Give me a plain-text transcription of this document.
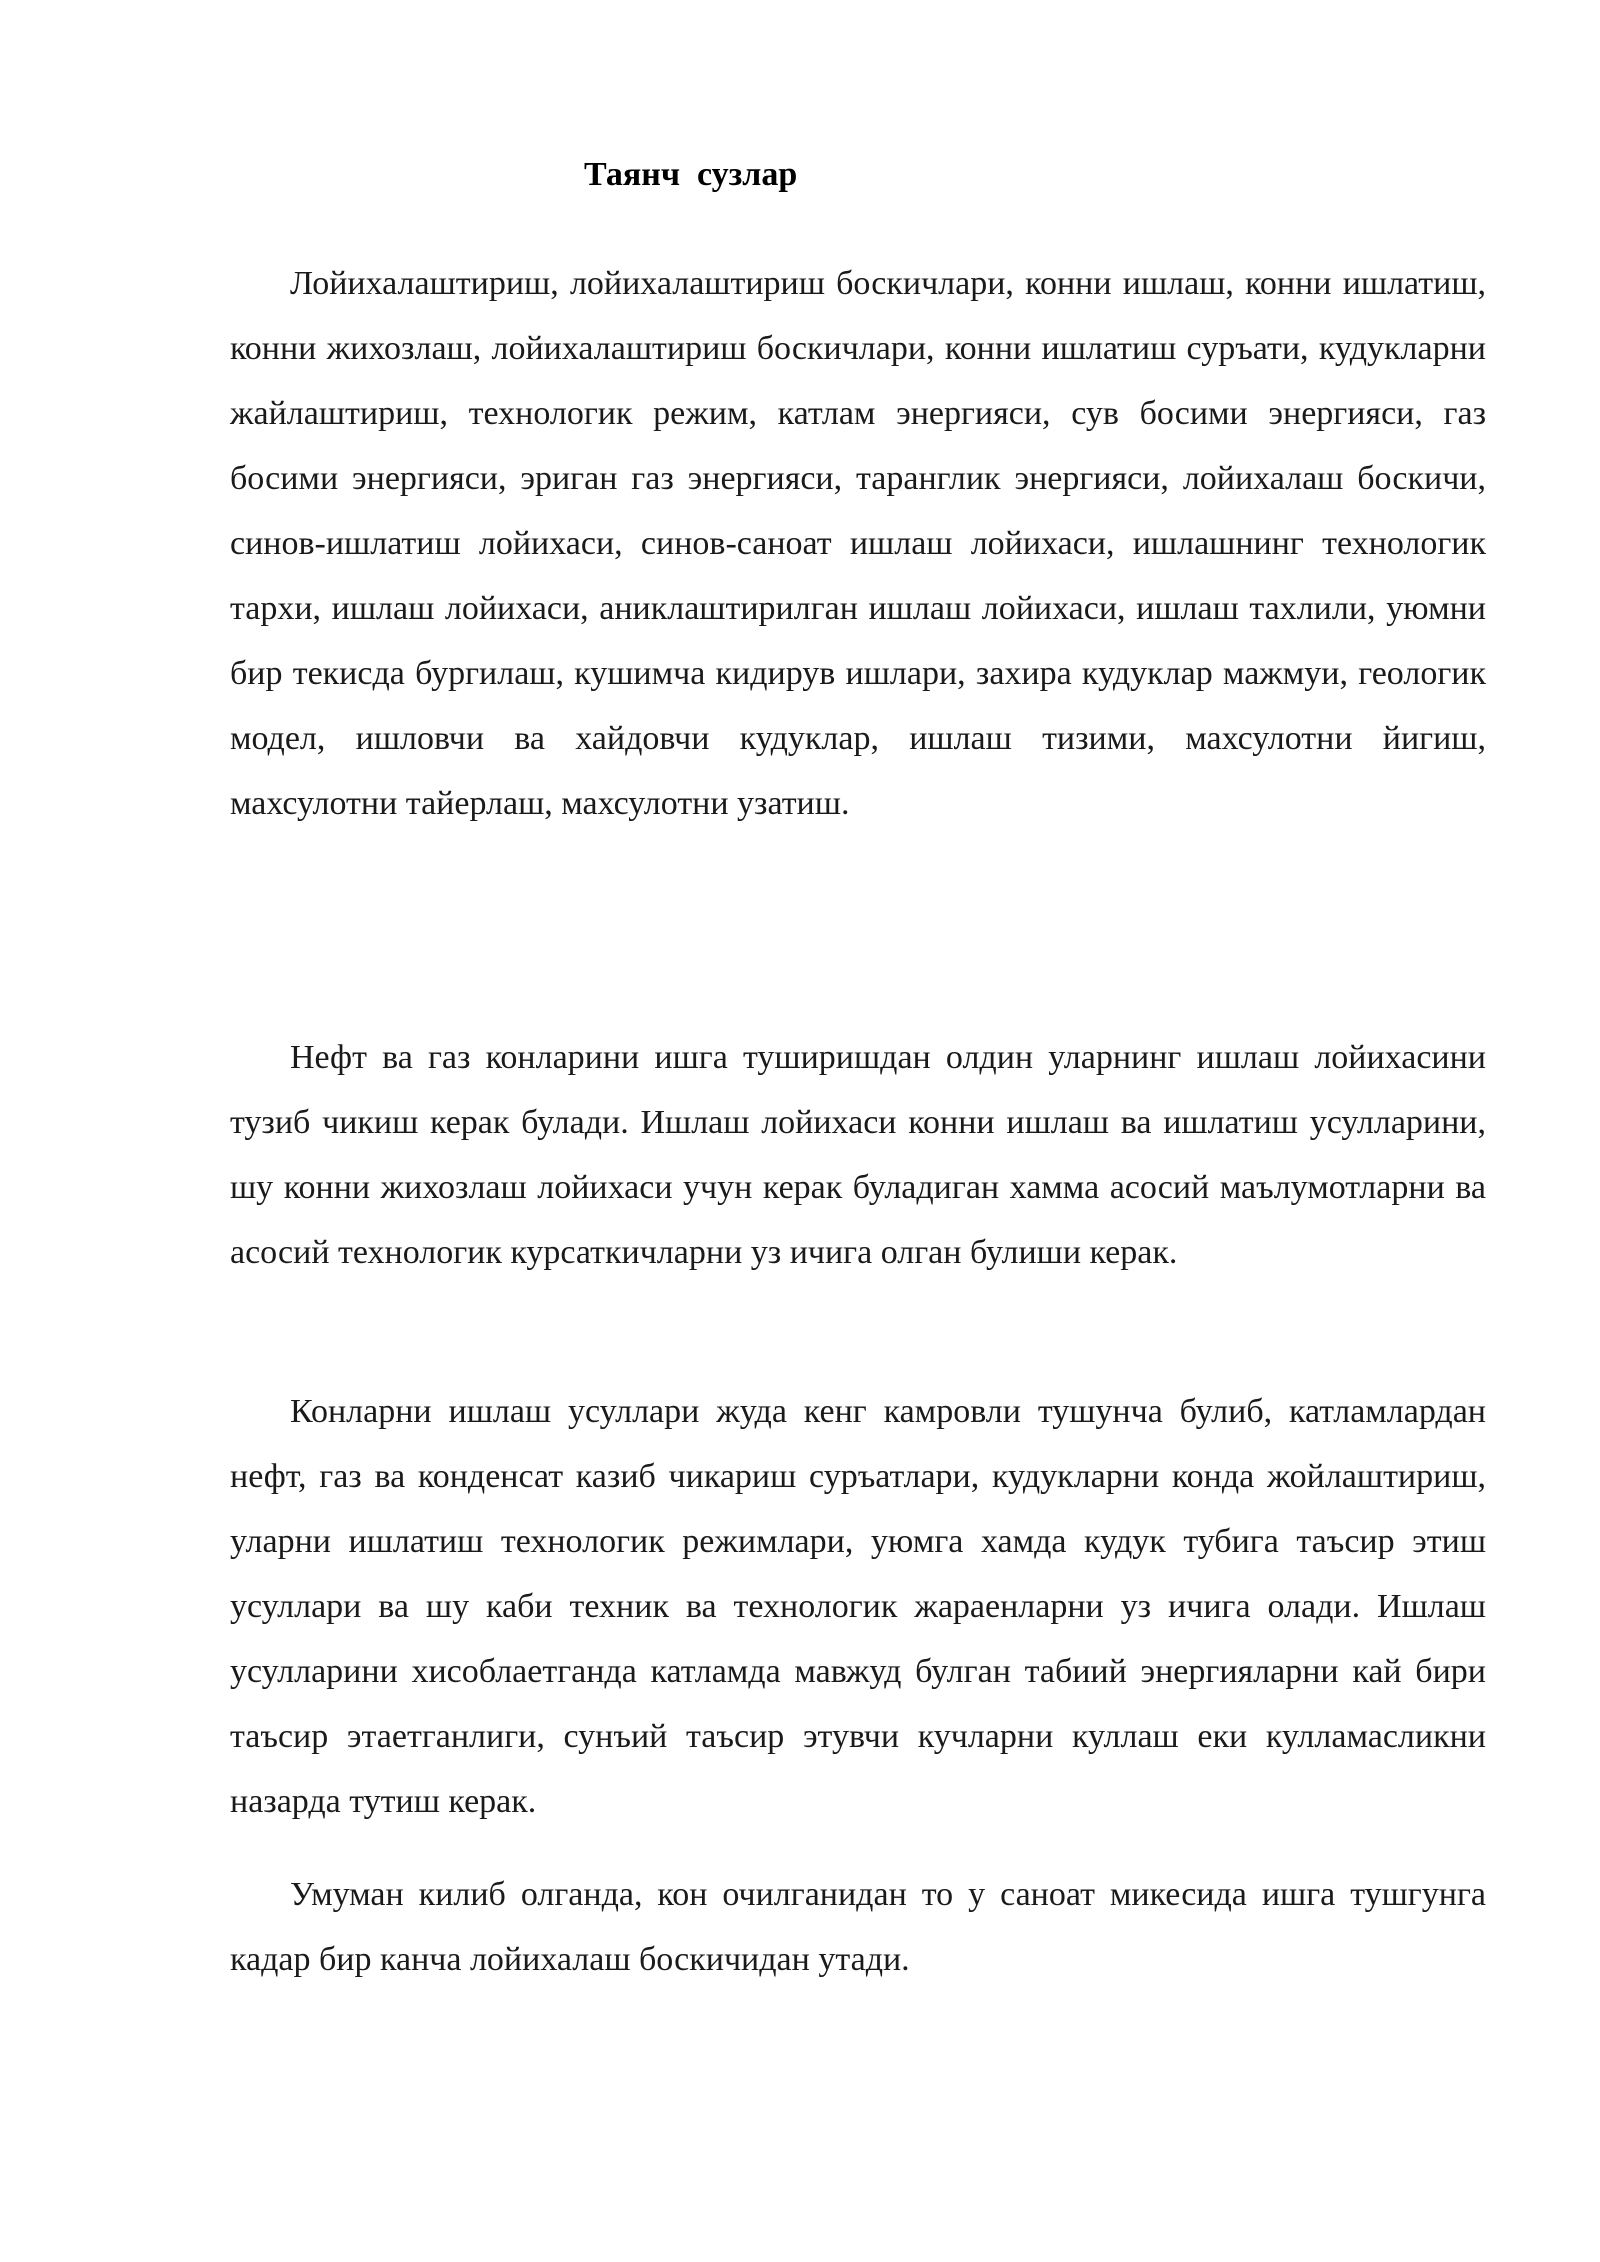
Таянч  сузлар

Лойихалаштириш, лойихалаштириш боскичлари, конни ишлаш, конни ишлатиш, конни жихозлаш, лойихалаштириш боскичлари, конни ишлатиш суръати, кудукларни жайлаштириш, технологик режим, катлам энергияси, сув босими энергияси, газ босими энергияси, эриган газ энергияси, таранглик энергияси, лойихалаш боскичи, синов-ишлатиш лойихаси, синов-саноат ишлаш лойихаси, ишлашнинг технологик тархи, ишлаш лойихаси, аниклаштирилган ишлаш лойихаси, ишлаш тахлили, уюмни бир текисда бургилаш, кушимча кидирув ишлари, захира кудуклар мажмуи, геологик модел, ишловчи ва хайдовчи кудуклар, ишлаш тизими, махсулотни йигиш, махсулотни тайерлаш, махсулотни узатиш.

Нефт ва газ конларини ишга туширишдан олдин уларнинг ишлаш лойихасини тузиб чикиш керак булади. Ишлаш лойихаси конни ишлаш ва ишлатиш усулларини, шу конни жихозлаш лойихаси учун керак буладиган хамма асосий маълумотларни ва асосий технологик курсаткичларни уз ичига олган булиши керак.

Конларни ишлаш усуллари жуда кенг камровли тушунча булиб, катламлардан нефт, газ ва конденсат казиб чикариш суръатлари, кудукларни конда жойлаштириш, уларни ишлатиш технологик режимлари, уюмга хамда кудук тубига таъсир этиш усуллари ва шу каби техник ва технологик жараенларни уз ичига олади. Ишлаш усулларини хисоблаетганда катламда мавжуд булган табиий энергияларни кай бири таъсир этаетганлиги, сунъий таъсир этувчи кучларни куллаш еки кулламасликни назарда тутиш керак.

Умуман килиб олганда, кон очилганидан то у саноат микесида ишга тушгунга кадар бир канча лойихалаш боскичидан утади.
